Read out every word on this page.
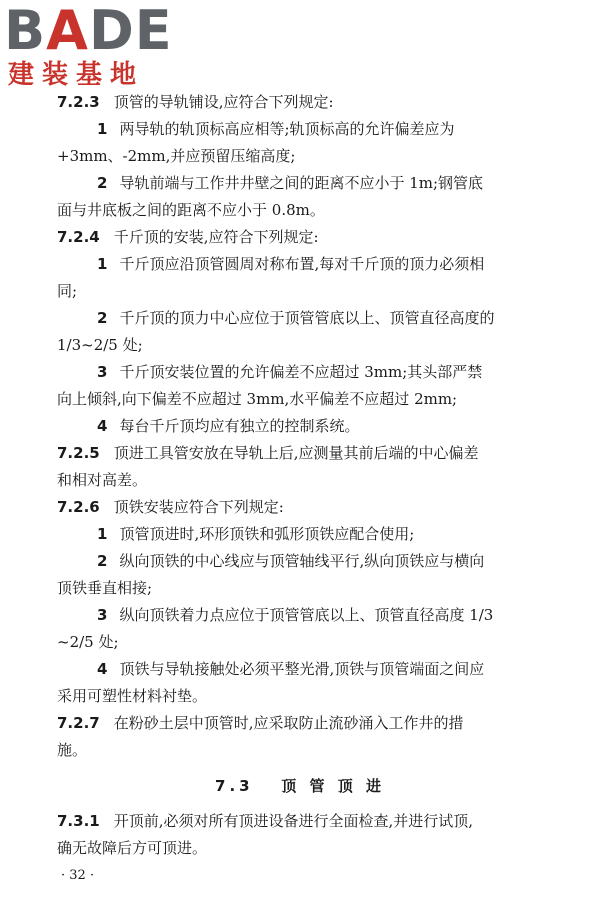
BADE
建装基地
7.2.3 顶管的导轨铺设,应符合下列规定:
1 两导轨的轨顶标高应相等;轨顶标高的允许偏差应为
+3mm、-2mm,并应预留压缩高度;
2 导轨前端与工作井井壁之间的距离不应小于 1m;钢管底
面与井底板之间的距离不应小于 0.8m。
7.2.4 千斤顶的安装,应符合下列规定:
1 千斤顶应沿顶管圆周对称布置,每对千斤顶的顶力必须相
同;
2 千斤顶的顶力中心应位于顶管管底以上、顶管直径高度的
1/3~2/5 处;
3 千斤顶安装位置的允许偏差不应超过 3mm;其头部严禁
向上倾斜,向下偏差不应超过 3mm,水平偏差不应超过 2mm;
4 每台千斤顶均应有独立的控制系统。
7.2.5 顶进工具管安放在导轨上后,应测量其前后端的中心偏差
和相对高差。
7.2.6 顶铁安装应符合下列规定:
1 顶管顶进时,环形顶铁和弧形顶铁应配合使用;
2 纵向顶铁的中心线应与顶管轴线平行,纵向顶铁应与横向
顶铁垂直相接;
3 纵向顶铁着力点应位于顶管管底以上、顶管直径高度 1/3
~2/5 处;
4 顶铁与导轨接触处必须平整光滑,顶铁与顶管端面之间应
采用可塑性材料衬垫。
7.2.7 在粉砂土层中顶管时,应采取防止流砂涌入工作井的措
施。
7.3 顶 管 顶 进
7.3.1 开顶前,必须对所有顶进设备进行全面检查,并进行试顶,
确无故障后方可顶进。
· 32 ·
